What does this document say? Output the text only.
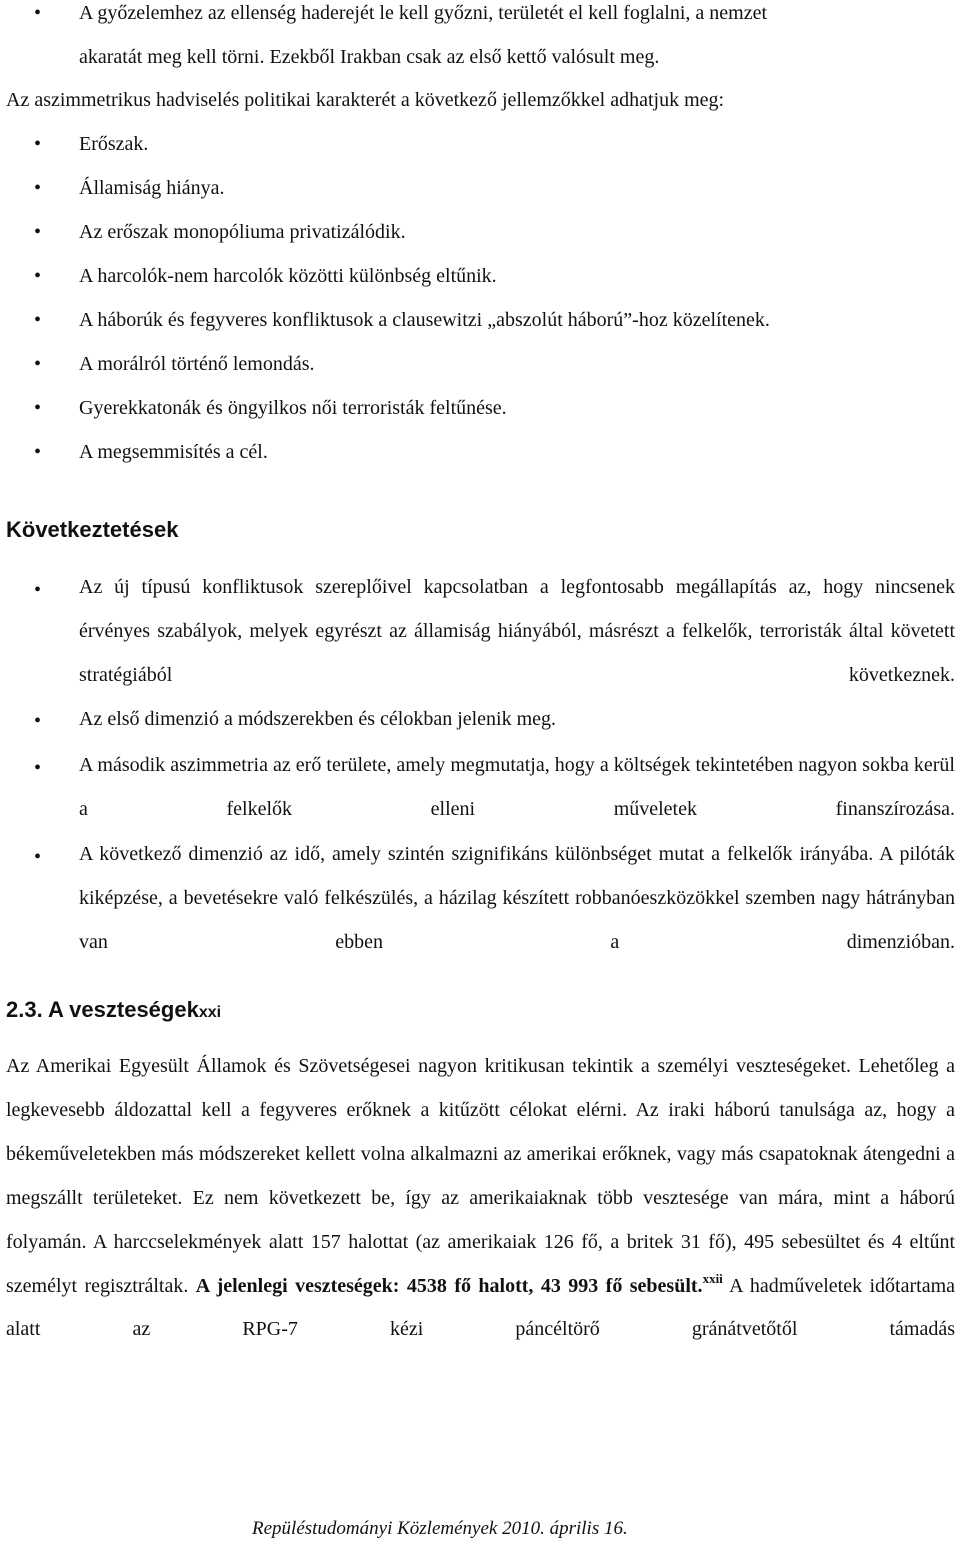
• A győzelemhez az ellenség haderejét le kell győzni, területét el kell foglalni, a nemzet
akaratát meg kell törni. Ezekből Irakban csak az első kettő valósult meg.
Az aszimmetrikus hadviselés politikai karakterét a következő jellemzőkkel adhatjuk meg:
• Erőszak.
• Államiság hiánya.
• Az erőszak monopóliuma privatizálódik.
• A harcolók-nem harcolók közötti különbség eltűnik.
• A háborúk és fegyveres konfliktusok a clausewitzi „abszolút háború”-hoz közelítenek.
• A morálról történő lemondás.
• Gyerekkatonák és öngyilkos női terroristák feltűnése.
• A megsemmisítés a cél.
Következtetések
• Az új típusú konfliktusok szereplőivel kapcsolatban a legfontosabb megállapítás az, hogy nincsenek érvényes szabályok, melyek egyrészt az államiság hiányából, másrészt a felkelők, terroristák által követett stratégiából következnek.
• Az első dimenzió a módszerekben és célokban jelenik meg.
• A második aszimmetria az erő területe, amely megmutatja, hogy a költségek tekintetében nagyon sokba kerül a felkelők elleni műveletek finanszírozása.
• A következő dimenzió az idő, amely szintén szignifikáns különbséget mutat a felkelők irányába. A pilóták kiképzése, a bevetésekre való felkészülés, a házilag készített robbanóeszközökkel szemben nagy hátrányban van ebben a dimenzióban.
2.3. A veszteségekxxi
Az Amerikai Egyesült Államok és Szövetségesei nagyon kritikusan tekintik a személyi veszteségeket. Lehetőleg a legkevesebb áldozattal kell a fegyveres erőknek a kitűzött célokat elérni. Az iraki háború tanulsága az, hogy a békeműveletekben más módszereket kellett volna alkalmazni az amerikai erőknek, vagy más csapatoknak átengedni a megszállt területeket. Ez nem következett be, így az amerikaiaknak több vesztesége van mára, mint a háború folyamán. A harccselekmények alatt 157 halottat (az amerikaiak 126 fő, a britek 31 fő), 495 sebesültet és 4 eltűnt személyt regisztráltak. A jelenlegi veszteségek: 4538 fő halott, 43 993 fő sebesült.$^{xxii}$ A hadműveletek időtartama alatt az RPG-7 kézi páncéltörő gránátvetőtől támadás
Repüléstudományi Közlemények 2010. április 16.
